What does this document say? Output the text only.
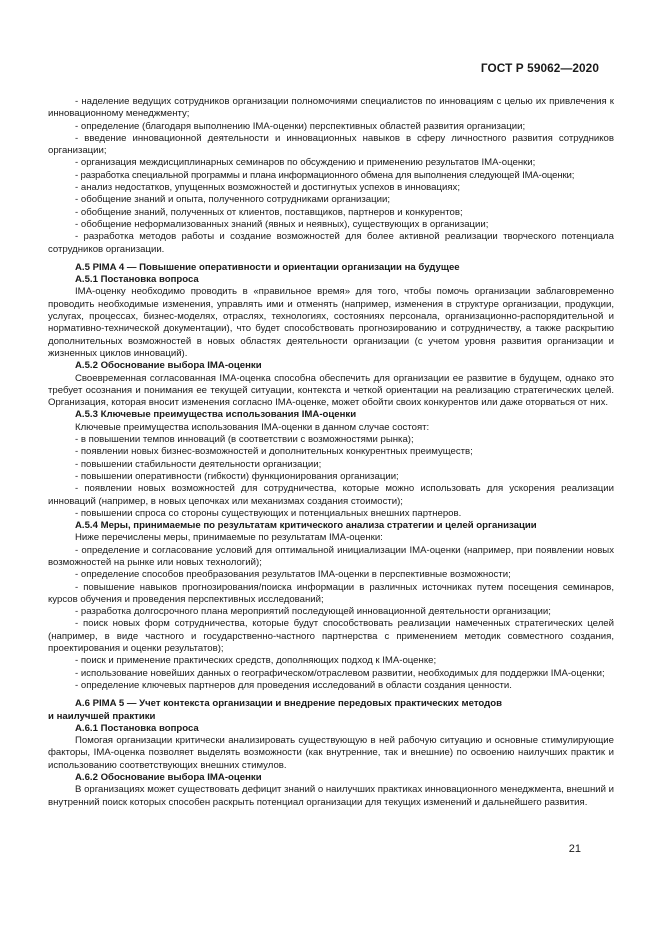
ГОСТ Р 59062—2020

- наделение ведущих сотрудников организации полномочиями специалистов по инновациям с целью их привлечения к инновационному менеджменту;

- определение (благодаря выполнению IMA-оценки) перспективных областей развития организации;

- введение инновационной деятельности и инновационных навыков в сферу личностного развития сотрудников организации;

- организация междисциплинарных семинаров по обсуждению и применению результатов IMA-оценки;

- разработка специальной программы и плана информационного обмена для выполнения следующей IMA-оценки;

- анализ недостатков, упущенных возможностей и достигнутых успехов в инновациях;

- обобщение знаний и опыта, полученного сотрудниками организации;

- обобщение знаний, полученных от клиентов, поставщиков, партнеров и конкурентов;

- обобщение неформализованных знаний (явных и неявных), существующих в организации;

- разработка методов работы и создание возможностей для более активной реализации творческого потенциала сотрудников организации.

A.5 PIMA 4 — Повышение оперативности и ориентации организации на будущее

A.5.1 Постановка вопроса

IMA-оценку необходимо проводить в «правильное время» для того, чтобы помочь организации заблаговременно проводить необходимые изменения, управлять ими и отменять (например, изменения в структуре организации, продукции, услугах, процессах, бизнес-моделях, отраслях, технологиях, состояниях персонала, организационно-распорядительной и нормативно-технической документации), что будет способствовать прогнозированию и сотрудничеству, а также раскрытию дополнительных возможностей в новых областях деятельности организации (с учетом уровня развития организации и жизненных циклов инноваций).

A.5.2 Обоснование выбора IMA-оценки

Своевременная согласованная IMA-оценка способна обеспечить для организации ее развитие в будущем, однако это требует осознания и понимания ее текущей ситуации, контекста и четкой ориентации на реализацию стратегических целей. Организация, которая вносит изменения согласно IMA-оценке, может обойти своих конкурентов или даже оторваться от них.

A.5.3 Ключевые преимущества использования IMA-оценки

Ключевые преимущества использования IMA-оценки в данном случае состоят:

- в повышении темпов инноваций (в соответствии с возможностями рынка);

- появлении новых бизнес-возможностей и дополнительных конкурентных преимуществ;

- повышении стабильности деятельности организации;

- повышении оперативности (гибкости) функционирования организации;

- появлении новых возможностей для сотрудничества, которые можно использовать для ускорения реализации инноваций (например, в новых цепочках или механизмах создания стоимости);

- повышении спроса со стороны существующих и потенциальных внешних партнеров.

A.5.4 Меры, принимаемые по результатам критического анализа стратегии и целей организации

Ниже перечислены меры, принимаемые по результатам IMA-оценки:

- определение и согласование условий для оптимальной инициализации IMA-оценки (например, при появлении новых возможностей на рынке или новых технологий);

- определение способов преобразования результатов IMA-оценки в перспективные возможности;

- повышение навыков прогнозирования/поиска информации в различных источниках путем посещения семинаров, курсов обучения и проведения перспективных исследований;

- разработка долгосрочного плана мероприятий последующей инновационной деятельности организации;

- поиск новых форм сотрудничества, которые будут способствовать реализации намеченных стратегических целей (например, в виде частного и государственно-частного партнерства с применением методик совместного создания, проектирования и оценки результатов);

- поиск и применение практических средств, дополняющих подход к IMA-оценке;

- использование новейших данных о географическом/отраслевом развитии, необходимых для поддержки IMA-оценки;

- определение ключевых партнеров для проведения исследований в области создания ценности.

A.6 PIMA 5 — Учет контекста организации и внедрение передовых практических методов

и наилучшей практики

A.6.1 Постановка вопроса

Помогая организации критически анализировать существующую в ней рабочую ситуацию и основные стимулирующие факторы, IMA-оценка позволяет выделять возможности (как внутренние, так и внешние) по освоению наилучших практик и использованию соответствующих внешних стимулов.

A.6.2 Обоснование выбора IMA-оценки

В организациях может существовать дефицит знаний о наилучших практиках инновационного менеджмента, внешний и внутренний поиск которых способен раскрыть потенциал организации для текущих изменений и дальнейшего развития.

21
